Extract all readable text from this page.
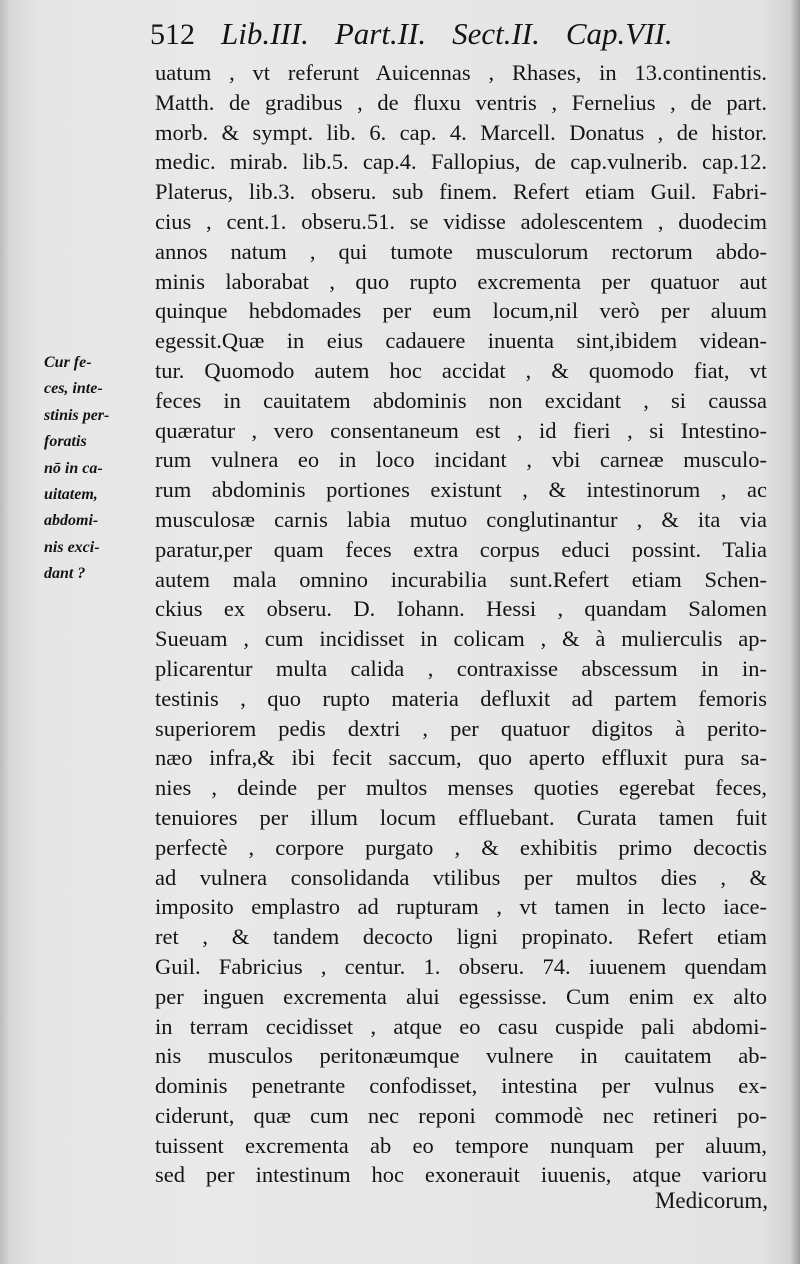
512 Lib.III. Part.II. Sect.II. Cap.VII.
Cur fe-
ces, inte-
stinis per-
foratis
nō in ca-
uitatem,
abdomi-
nis exci-
dant ?
uatum , vt referunt Auicennas , Rhases, in 13.continentis.
Matth. de gradibus , de fluxu ventris , Fernelius , de part.
morb. & sympt. lib. 6. cap. 4. Marcell. Donatus , de histor.
medic. mirab. lib.5. cap.4. Fallopius, de cap.vulnerib. cap.12.
Platerus, lib.3. obseru. sub finem. Refert etiam Guil. Fabri-
cius , cent.1. obseru.51. se vidisse adolescentem , duodecim
annos natum , qui tumote musculorum rectorum abdo-
minis laborabat , quo rupto excrementa per quatuor aut
quinque hebdomades per eum locum,nil verò per aluum
egessit.Quæ in eius cadauere inuenta sint,ibidem videan-
tur. Quomodo autem hoc accidat , & quomodo fiat, vt
feces in cauitatem abdominis non excidant , si caussa
quæratur , vero consentaneum est , id fieri , si Intestino-
rum vulnera eo in loco incidant , vbi carneæ musculo-
rum abdominis portiones existunt , & intestinorum , ac
musculosæ carnis labia mutuo conglutinantur , & ita via
paratur,per quam feces extra corpus educi possint. Talia
autem mala omnino incurabilia sunt.Refert etiam Schen-
ckius ex obseru. D. Iohann. Hessi , quandam Salomen
Sueuam , cum incidisset in colicam , & à mulierculis ap-
plicarentur multa calida , contraxisse abscessum in in-
testinis , quo rupto materia defluxit ad partem femoris
superiorem pedis dextri , per quatuor digitos à perito-
næo infra,& ibi fecit saccum, quo aperto effluxit pura sa-
nies , deinde per multos menses quoties egerebat feces,
tenuiores per illum locum effluebant. Curata tamen fuit
perfectè , corpore purgato , & exhibitis primo decoctis
ad vulnera consolidanda vtilibus per multos dies , &
imposito emplastro ad rupturam , vt tamen in lecto iace-
ret , & tandem decocto ligni propinato. Refert etiam
Guil. Fabricius , centur. 1. obseru. 74. iuuenem quendam
per inguen excrementa alui egessisse. Cum enim ex alto
in terram cecidisset , atque eo casu cuspide pali abdomi-
nis musculos peritonæumque vulnere in cauitatem ab-
dominis penetrante confodisset, intestina per vulnus ex-
ciderunt, quæ cum nec reponi commodè nec retineri po-
tuissent excrementa ab eo tempore nunquam per aluum,
sed per intestinum hoc exonerauit iuuenis, atque varioru
Medicorum,
